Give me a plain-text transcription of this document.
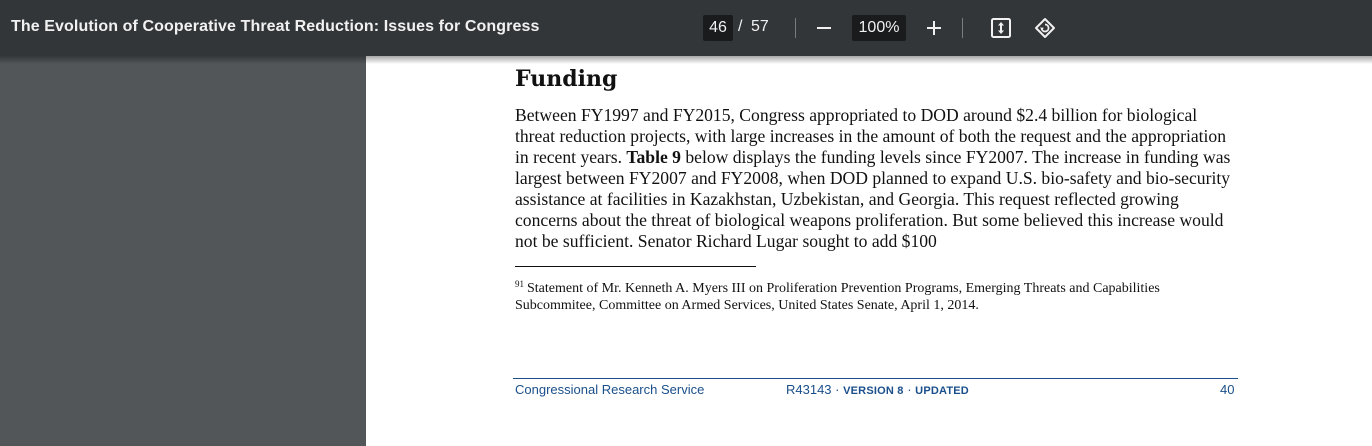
The Evolution of Cooperative Threat Reduction: Issues for Congress
46	/ 57
100%
Funding

Between FY1997 and FY2015, Congress appropriated to DOD around $2.4 billion for biological threat reduction projects, with large increases in the amount of both the request and the appropriation in recent years. Table 9 below displays the funding levels since FY2007. The increase in funding was largest between FY2007 and FY2008, when DOD planned to expand U.S. bio-safety and bio-security assistance at facilities in Kazakhstan, Uzbekistan, and Georgia. This request reflected growing concerns about the threat of biological weapons proliferation. But some believed this increase would not be sufficient. Senator Richard Lugar sought to add $100

$^{91}$ Statement of Mr. Kenneth A. Myers III on Proliferation Prevention Programs, Emerging Threats and Capabilities Subcommitee, Committee on Armed Services, United States Senate, April 1, 2014.

Congressional Research Service	R43143 · VERSION 8 · UPDATED	40
